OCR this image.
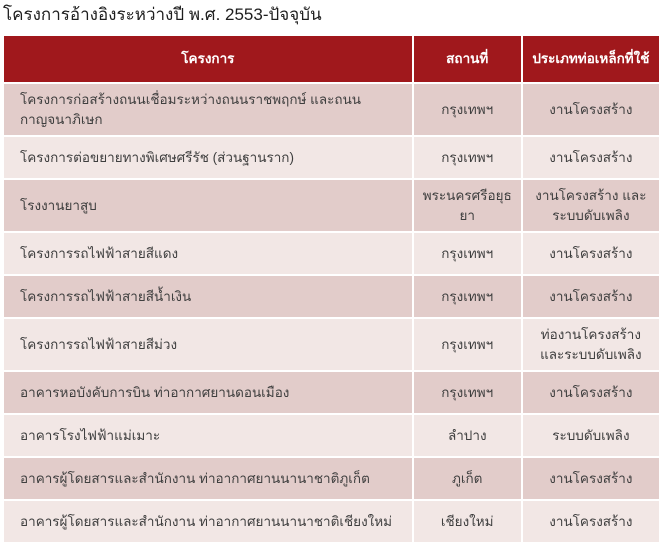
โครงการอ้างอิงระหว่างปี พ.ศ. 2553-ปัจจุบัน
โครงการ	สถานที่	ประเภทท่อเหล็กที่ใช้
โครงการก่อสร้างถนนเชื่อมระหว่างถนนราชพฤกษ์ และถนนกาญจนาภิเษก	กรุงเทพฯ	งานโครงสร้าง
โครงการต่อขยายทางพิเศษศรีรัช (ส่วนฐานราก)	กรุงเทพฯ	งานโครงสร้าง
โรงงานยาสูบ	พระนครศรีอยุธยา	งานโครงสร้าง และระบบดับเพลิง
โครงการรถไฟฟ้าสายสีแดง	กรุงเทพฯ	งานโครงสร้าง
โครงการรถไฟฟ้าสายสีน้ำเงิน	กรุงเทพฯ	งานโครงสร้าง
โครงการรถไฟฟ้าสายสีม่วง	กรุงเทพฯ	ท่องานโครงสร้าง และระบบดับเพลิง
อาคารหอบังคับการบิน ท่าอากาศยานดอนเมือง	กรุงเทพฯ	งานโครงสร้าง
อาคารโรงไฟฟ้าแม่เมาะ	ลำปาง	ระบบดับเพลิง
อาคารผู้โดยสารและสำนักงาน ท่าอากาศยานนานาชาติภูเก็ต	ภูเก็ต	งานโครงสร้าง
อาคารผู้โดยสารและสำนักงาน ท่าอากาศยานนานาชาติเชียงใหม่	เชียงใหม่	งานโครงสร้าง
